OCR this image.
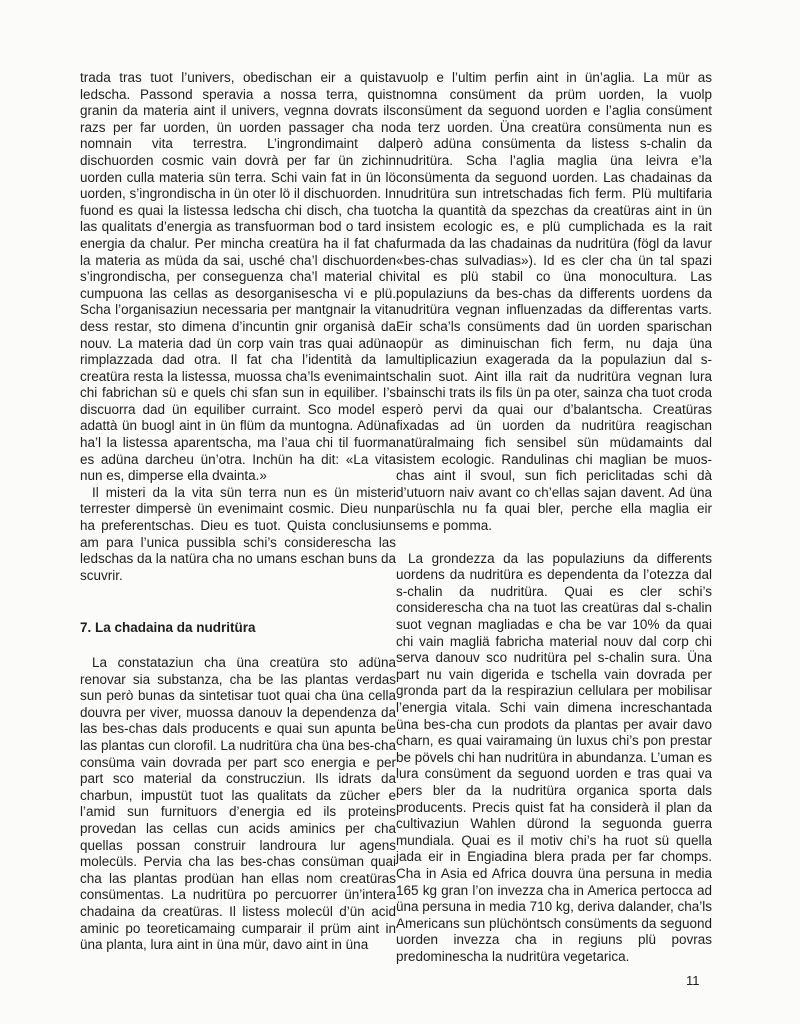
trada tras tuot l’univers, obedischan eir a quista ledscha. Passond speravia a nossa terra, quist granin da materia aint il univers, vegnna dovrats ils razs per far uorden, ün uorden passager cha no nomnain vita terrestra. L’ingrondimaint dal dischuorden cosmic vain dovrà per far ün zichin uorden culla materia sün terra. Schi vain fat in ün lö uorden, s’ingrondischa in ün oter lö il dischuorden. In fuond es quai la listessa ledscha chi disch, cha tuot las qualitats d’energia as transfuorman bod o tard in energia da chalur. Per mincha creatüra ha il fat cha la materia as müda da sai, usché cha’l dischuorden s’ingrondischa, per conseguenza cha’l material chi cumpuona las cellas as desorganisescha vi e plü. Scha l’organisaziun necessaria per mantgnair la vita dess restar, sto dimena d’incuntin gnir organisà da nouv. La materia dad ün corp vain tras quai adüna rimplazzada dad otra. Il fat cha l’identità da la creatüra resta la listessa, muossa cha’ls evenimaints chi fabrichan sü e quels chi sfan sun in equiliber. I’s discuorra dad ün equiliber curraint. Sco model es adattà ün buogl aint in ün flüm da muntogna. Adüna ha’l la listessa aparentscha, ma l’aua chi til fuorma es adüna darcheu ün’otra. Inchün ha dit: «La vita nun es, dimperse ella dvainta.»

Il misteri da la vita sün terra nun es ün misteri terrester dimpersè ün evenimaint cosmic. Dieu nun ha preferentschas. Dieu es tuot. Quista conclusiun am para l’unica pussibla schi’s considerescha las ledschas da la natüra cha no umans eschan buns da scuvrir.

7. La chadaina da nudritüra

La constataziun cha üna creatüra sto adüna renovar sia substanza, cha be las plantas verdas sun però bunas da sintetisar tuot quai cha üna cella douvra per viver, muossa danouv la dependenza da las bes-chas dals producents e quai sun apunta be las plantas cun clorofil. La nudritüra cha üna bes-cha consüma vain dovrada per part sco energia e per part sco material da construcziun. Ils idrats da charbun, impustüt tuot las qualitats da zücher e l’amid sun furnituors d’energia ed ils proteins provedan las cellas cun acids aminics per cha quellas possan construir landroura lur agens molecüls. Pervia cha las bes-chas consüman quai cha las plantas prodüan han ellas nom creatüras consümentas. La nudritüra po percuorrer ün’intera chadaina da creatüras. Il listess molecül d’ün acid aminic po teoreticamaing cumparair il prüm aint in üna planta, lura aint in üna mür, davo aint in üna

vuolp e l’ultim perfin aint in ün’aglia. La mür as nomna consüment da prüm uorden, la vuolp consüment da seguond uorden e l’aglia consüment da terz uorden. Üna creatüra consümenta nun es però adüna consümenta da listess s-chalin da nudritüra. Scha l’aglia maglia üna leivra e’la consümenta da seguond uorden. Las chadainas da nudritüra sun intretschadas fich ferm. Plü multifaria cha la quantità da spezchas da creatüras aint in ün sistem ecologic es, e plü cumplichada es la rait furmada da las chadainas da nudritüra (fögl da lavur «bes-chas sulvadias»). Id es cler cha ün tal spazi vital es plü stabil co üna monocultura. Las populaziuns da bes-chas da differents uordens da nudritüra vegnan influenzadas da differentas varts. Eir scha’ls consüments dad ün uorden sparischan opür as diminuischan fich ferm, nu daja üna multiplicaziun exagerada da la populaziun dal s-chalin suot. Aint illa rait da nudritüra vegnan lura bainschi trats ils fils ün pa oter, sainza cha tuot croda però pervi da quai our d’balantscha. Creatüras fixadas ad ün uorden da nudritüra reagischan natüralmaing fich sensibel sün müdamaints dal sistem ecologic. Randulinas chi maglian be muos-chas aint il svoul, sun fich periclitadas schi dà d’utuorn naiv avant co ch’ellas sajan davent. Ad üna parüschla nu fa quai bler, perche ella maglia eir sems e pomma.

La grondezza da las populaziuns da differents uordens da nudritüra es dependenta da l’otezza dal s-chalin da nudritüra. Quai es cler schi’s considerescha cha na tuot las creatüras dal s-chalin suot vegnan magliadas e cha be var 10% da quai chi vain magliä fabricha material nouv dal corp chi serva danouv sco nudritüra pel s-chalin sura. Üna part nu vain digerida e tschella vain dovrada per gronda part da la respiraziun cellulara per mobilisar l’energia vitala. Schi vain dimena increschantada üna bes-cha cun prodots da plantas per avair davo charn, es quai vairamaing ün luxus chi’s pon prestar be pövels chi han nudritüra in abundanza. L’uman es lura consüment da seguond uorden e tras quai va pers bler da la nudritüra organica sporta dals producents. Precis quist fat ha considerà il plan da cultivaziun Wahlen dürond la seguonda guerra mundiala. Quai es il motiv chi’s ha ruot sü quella jada eir in Engiadina blera prada per far chomps. Cha in Asia ed Africa douvra üna persuna in media 165 kg gran l’on invezza cha in America pertocca ad üna persuna in media 710 kg, deriva dalander, cha’ls Americans sun plüchöntsch consüments da seguond uorden invezza cha in regiuns plü povras predominescha la nudritüra vegetarica.

11
